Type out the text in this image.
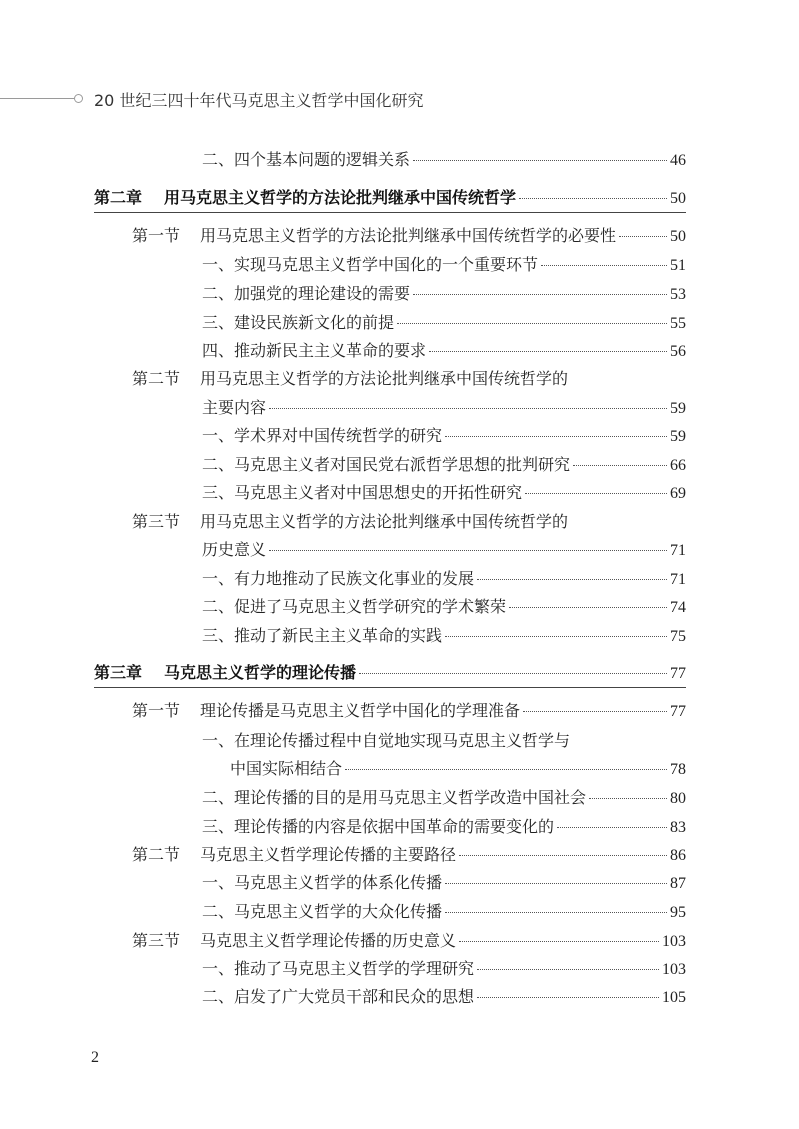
20 世纪三四十年代马克思主义哲学中国化研究
二、四个基本问题的逻辑关系	46
第二章 用马克思主义哲学的方法论批判继承中国传统哲学	50
第一节 用马克思主义哲学的方法论批判继承中国传统哲学的必要性	50
一、实现马克思主义哲学中国化的一个重要环节	51
二、加强党的理论建设的需要	53
三、建设民族新文化的前提	55
四、推动新民主主义革命的要求	56
第二节 用马克思主义哲学的方法论批判继承中国传统哲学的
主要内容	59
一、学术界对中国传统哲学的研究	59
二、马克思主义者对国民党右派哲学思想的批判研究	66
三、马克思主义者对中国思想史的开拓性研究	69
第三节 用马克思主义哲学的方法论批判继承中国传统哲学的
历史意义	71
一、有力地推动了民族文化事业的发展	71
二、促进了马克思主义哲学研究的学术繁荣	74
三、推动了新民主主义革命的实践	75
第三章 马克思主义哲学的理论传播	77
第一节 理论传播是马克思主义哲学中国化的学理准备	77
一、在理论传播过程中自觉地实现马克思主义哲学与
中国实际相结合	78
二、理论传播的目的是用马克思主义哲学改造中国社会	80
三、理论传播的内容是依据中国革命的需要变化的	83
第二节 马克思主义哲学理论传播的主要路径	86
一、马克思主义哲学的体系化传播	87
二、马克思主义哲学的大众化传播	95
第三节 马克思主义哲学理论传播的历史意义	103
一、推动了马克思主义哲学的学理研究	103
二、启发了广大党员干部和民众的思想	105
2
